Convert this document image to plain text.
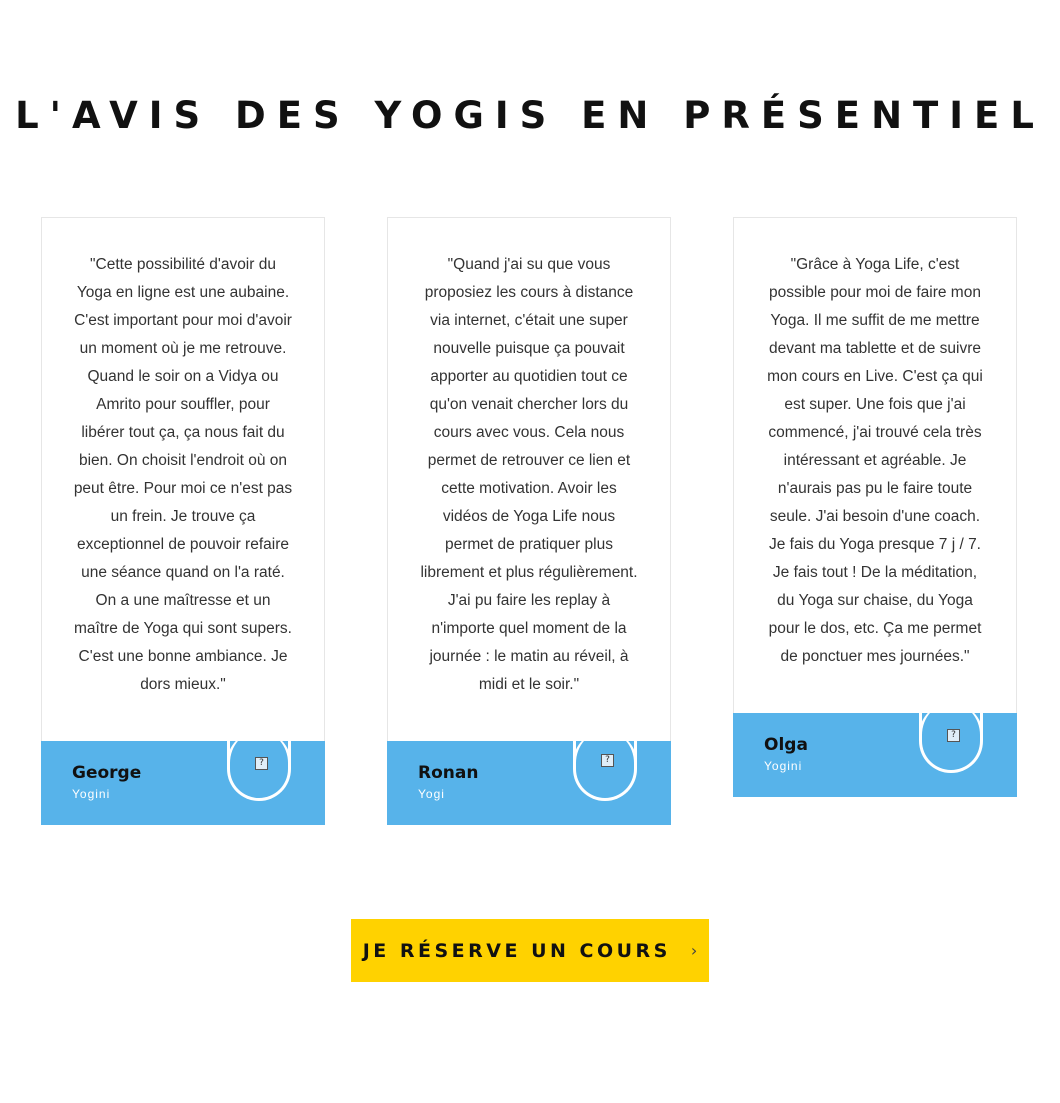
L'AVIS DES YOGIS EN PRÉSENTIEL
"Cette possibilité d'avoir du Yoga en ligne est une aubaine. C'est important pour moi d'avoir un moment où je me retrouve. Quand le soir on a Vidya ou Amrito pour souffler, pour libérer tout ça, ça nous fait du bien. On choisit l'endroit où on peut être. Pour moi ce n'est pas un frein. Je trouve ça exceptionnel de pouvoir refaire une séance quand on l'a raté. On a une maîtresse et un maître de Yoga qui sont supers. C'est une bonne ambiance. Je dors mieux."
George
Yogini
?
"Quand j'ai su que vous proposiez les cours à distance via internet, c'était une super nouvelle puisque ça pouvait apporter au quotidien tout ce qu'on venait chercher lors du cours avec vous. Cela nous permet de retrouver ce lien et cette motivation. Avoir les vidéos de Yoga Life nous permet de pratiquer plus librement et plus régulièrement. J'ai pu faire les replay à n'importe quel moment de la journée : le matin au réveil, à midi et le soir."
Ronan
Yogi
?
"Grâce à Yoga Life, c'est possible pour moi de faire mon Yoga. Il me suffit de me mettre devant ma tablette et de suivre mon cours en Live. C'est ça qui est super. Une fois que j'ai commencé, j'ai trouvé cela très intéressant et agréable. Je n'aurais pas pu le faire toute seule. J'ai besoin d'une coach. Je fais du Yoga presque 7 j / 7. Je fais tout ! De la méditation, du Yoga sur chaise, du Yoga pour le dos, etc. Ça me permet de ponctuer mes journées."
Olga
Yogini
?
JE RÉSERVE UN COURS ›
